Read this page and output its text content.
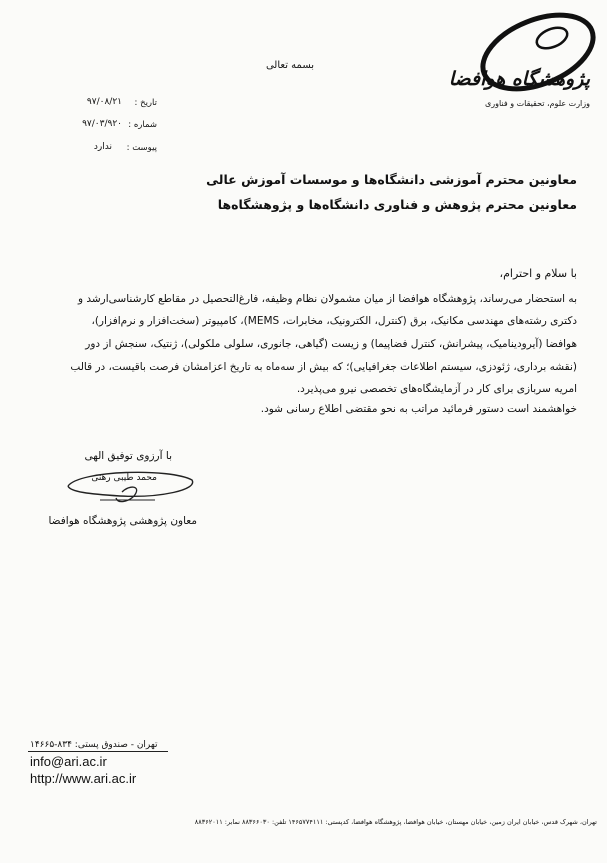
پژوهشگاه هوافضا
وزارت علوم، تحقیقات و فناوری
بسمه تعالی
تاریخ :
۹۷/۰۸/۲۱
شماره :
۹۷/۰۳/۹۲۰
پیوست :
ندارد
معاونین محترم آموزشی دانشگاه‌ها و موسسات آموزش عالی
معاونین محترم پژوهش و فناوری دانشگاه‌ها و پژوهشگاه‌ها
با سلام و احترام،
به استحضار می‌رساند، پژوهشگاه هوافضا از میان مشمولان نظام وظیفه، فارغ‌التحصیل در مقاطع کارشناسی‌ارشد و
دکتری رشته‌های مهندسی مکانیک، برق (کنترل، الکترونیک، مخابرات، MEMS)، کامپیوتر (سخت‌افزار و نرم‌افزار)،
هوافضا (آیرودینامیک، پیشرانش، کنترل فضاپیما) و زیست (گیاهی، جانوری، سلولی ملکولی)، ژنتیک، سنجش از دور
(نقشه برداری، ژئودزی، سیستم اطلاعات جغرافیایی)؛ که بیش از سه‌ماه به تاریخ اعزامشان فرصت باقیست، در قالب
امریه سربازی برای کار در آزمایشگاه‌های تخصصی نیرو می‌پذیرد.
خواهشمند است دستور فرمائید مراتب به نحو مقتضی اطلاع رسانی شود.
با آرزوی توفیق الهی
محمد طیبی رهنی
معاون پژوهشی پژوهشگاه هوافضا
تهران - صندوق پستی: ۸۳۴-۱۴۶۶۵
info@ari.ac.ir
http://www.ari.ac.ir
تهران، شهرک قدس، خیابان ایران زمین، خیابان مهستان، خیابان هوافضا، پژوهشگاه هوافضا، کدپستی: ۱۴۶۵۷۷۴۱۱۱ تلفن: ۸۸۳۶۶۰۳۰ نمابر: ۸۸۳۶۲۰۱۱
